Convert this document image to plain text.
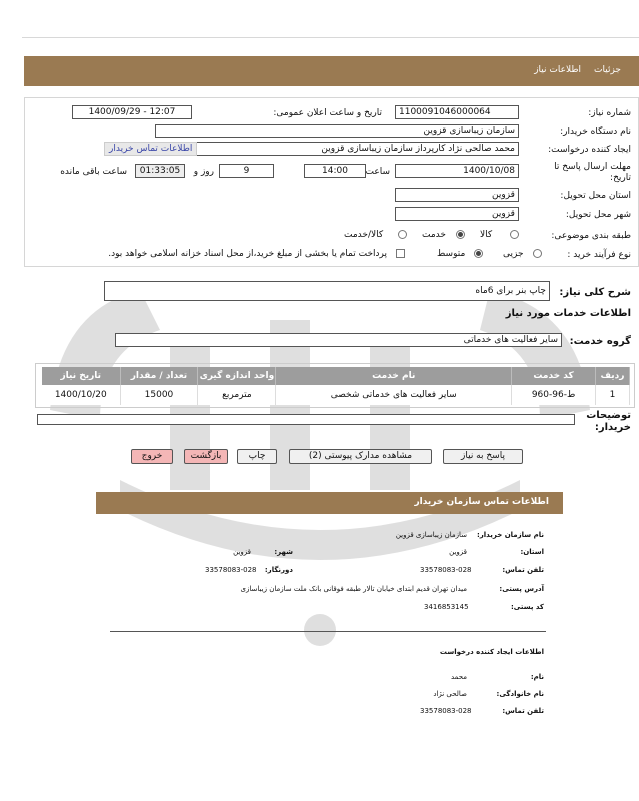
جزئیات
اطلاعات نیاز
شماره نیاز:
1100091046000064
تاریخ و ساعت اعلان عمومی:
1400/09/29 - 12:07
نام دستگاه خریدار:
سازمان زیباسازی قزوین
ایجاد کننده درخواست:
محمد صالحی نژاد کارپرداز سازمان زیباسازی قزوین
اطلاعات تماس خریدار
مهلت ارسال پاسخ تا
تاریخ:
1400/10/08
ساعت
14:00
9
روز و
01:33:05
ساعت باقی مانده
استان محل تحویل:
قزوین
شهر محل تحویل:
قزوین
طبقه بندی موضوعی:
کالا
خدمت
کالا/خدمت
نوع فرآیند خرید :
جزیی
متوسط
پرداخت تمام یا بخشی از مبلغ خرید،از محل اسناد خزانه اسلامی خواهد بود.
شرح کلی نیاز:
چاپ بنر برای 6ماه
اطلاعات خدمات مورد نیاز
گروه خدمت:
سایر فعالیت های خدماتی
ردیف	کد خدمت	نام خدمت	واحد اندازه گیری	تعداد / مقدار	تاریخ نیاز
1	ط-96-960	سایر فعالیت های خدماتی شخصی	مترمربع	15000	1400/10/20
توضیحات خریدار:
پاسخ به نیاز
مشاهده مدارک پیوستی (2)
چاپ
بازگشت
خروج
اطلاعات تماس سازمان خریدار
نام سازمان خریدار:
سازمان زیباسازی قزوین
استان:
قزوین
شهر:
قزوین
تلفن تماس:
33578083-028
دورنگار:
33578083-028
آدرس پستی:
میدان تهران قدیم ابتدای خیابان تالار طبقه فوقانی بانک ملت سازمان زیباسازی
کد پستی:
3416853145
اطلاعات ایجاد کننده درخواست
نام:
محمد
نام خانوادگی:
صالحی نژاد
تلفن تماس:
33578083-028
